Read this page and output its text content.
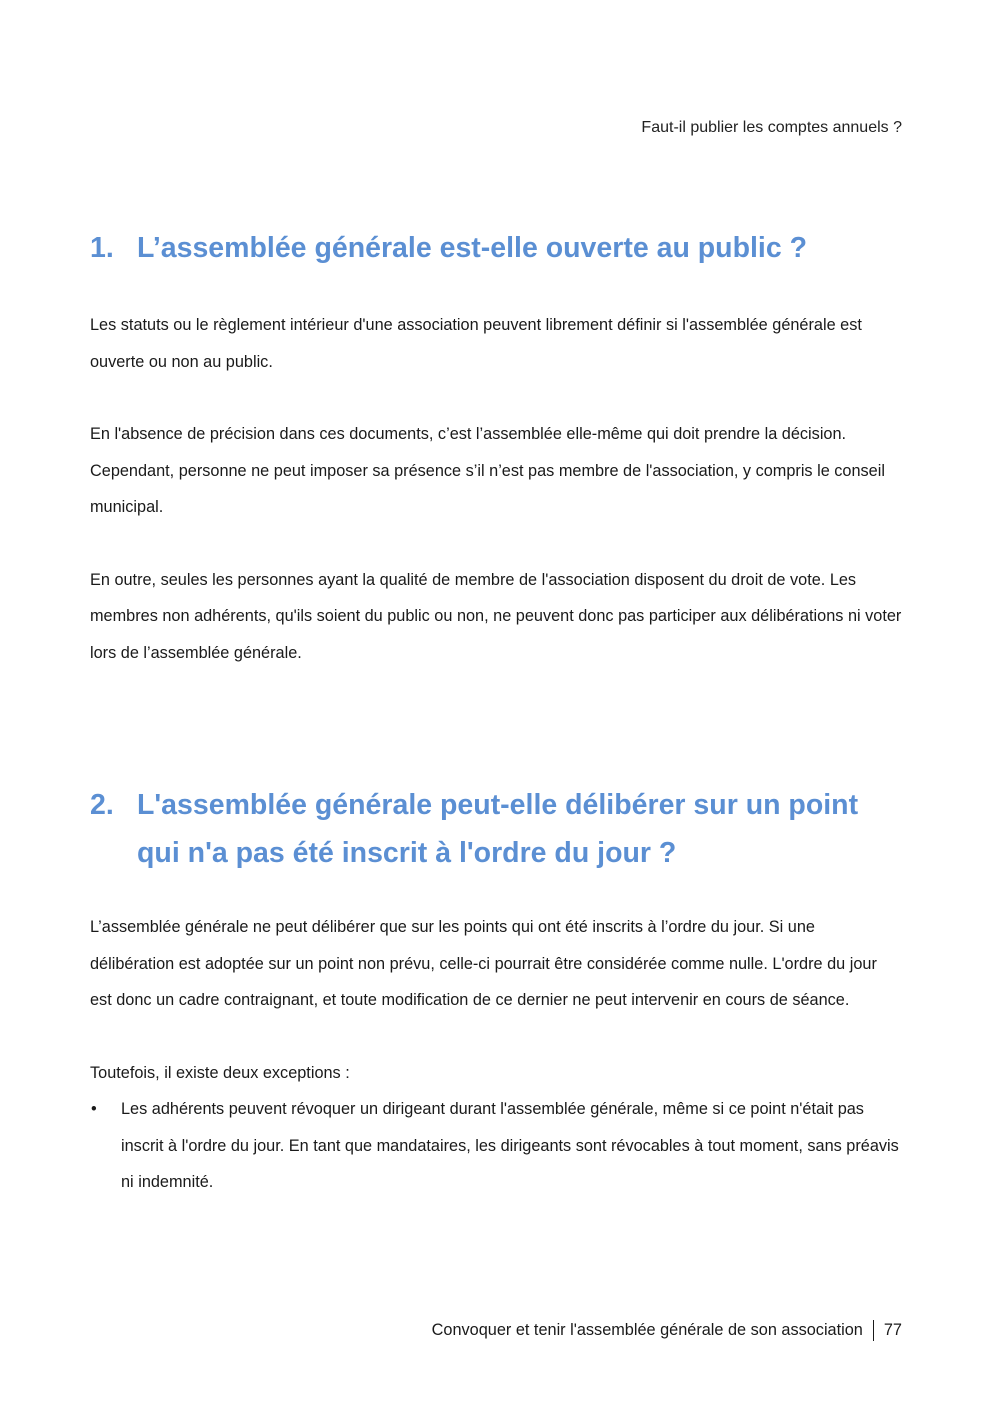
Faut-il publier les comptes annuels ?
1. L’assemblée générale est-elle ouverte au public ?

Les statuts ou le règlement intérieur d'une association peuvent librement définir si l'assemblée générale est ouverte ou non au public.

En l'absence de précision dans ces documents, c’est l’assemblée elle-même qui doit prendre la décision. Cependant, personne ne peut imposer sa présence s’il n’est pas membre de l'association, y compris le conseil municipal.

En outre, seules les personnes ayant la qualité de membre de l'association disposent du droit de vote. Les membres non adhérents, qu'ils soient du public ou non, ne peuvent donc pas participer aux délibérations ni voter lors de l’assemblée générale.

2. L'assemblée générale peut-elle délibérer sur un point qui n'a pas été inscrit à l'ordre du jour ?

L’assemblée générale ne peut délibérer que sur les points qui ont été inscrits à l’ordre du jour. Si une délibération est adoptée sur un point non prévu, celle-ci pourrait être considérée comme nulle. L'ordre du jour est donc un cadre contraignant, et toute modification de ce dernier ne peut intervenir en cours de séance.

Toutefois, il existe deux exceptions :

•	Les adhérents peuvent révoquer un dirigeant durant l'assemblée générale, même si ce point n'était pas inscrit à l'ordre du jour. En tant que mandataires, les dirigeants sont révocables à tout moment, sans préavis ni indemnité.
Convoquer et tenir l'assemblée générale de son association 77
